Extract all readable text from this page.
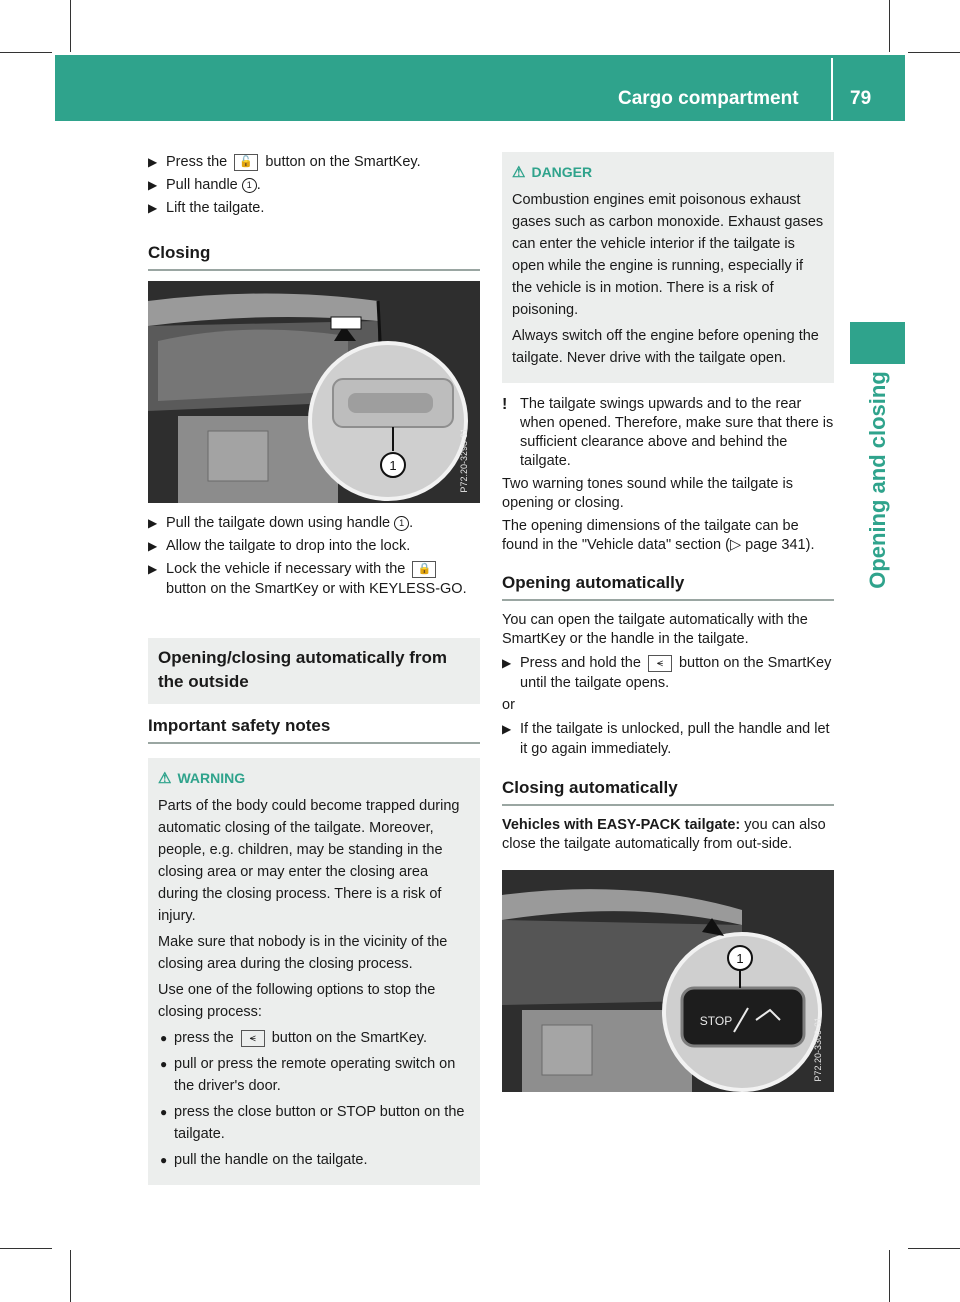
Cargo compartment	79
Opening and closing
▶ Press the 🔓 button on the SmartKey.
▶ Pull handle 1 .
▶ Lift the tailgate.
Closing
1	P72.20-3298-31
▶ Pull the tailgate down using handle 1 .
▶ Allow the tailgate to drop into the lock.
▶ Lock the vehicle if necessary with the 🔒 button on the SmartKey or with KEYLESS-GO.
Opening/closing automatically from the outside
Important safety notes
⚠ WARNING

Parts of the body could become trapped during automatic closing of the tailgate. Moreover, people, e.g. children, may be standing in the closing area or may enter the closing area during the closing process. There is a risk of injury.

Make sure that nobody is in the vicinity of the closing area during the closing process.

Use one of the following options to stop the closing process:

● press the ⪪ button on the SmartKey.
● pull or press the remote operating switch on the driver's door.
● press the close button or STOP button on the tailgate.
● pull the handle on the tailgate.
⚠ DANGER

Combustion engines emit poisonous exhaust gases such as carbon monoxide. Exhaust gases can enter the vehicle interior if the tailgate is open while the engine is running, especially if the vehicle is in motion. There is a risk of poisoning.

Always switch off the engine before opening the tailgate. Never drive with the tailgate open.

! The tailgate swings upwards and to the rear when opened. Therefore, make sure that there is sufficient clearance above and behind the tailgate.

Two warning tones sound while the tailgate is opening or closing.

The opening dimensions of the tailgate can be found in the "Vehicle data" section (▷ page 341).

Opening automatically

You can open the tailgate automatically with the SmartKey or the handle in the tailgate.

▶ Press and hold the ⪪ button on the SmartKey until the tailgate opens.

or

▶ If the tailgate is unlocked, pull the handle and let it go again immediately.
Closing automatically

Vehicles with EASY-PACK tailgate: you can also close the tailgate automatically from out-side.

STOP
1
P72.20-3300-31
